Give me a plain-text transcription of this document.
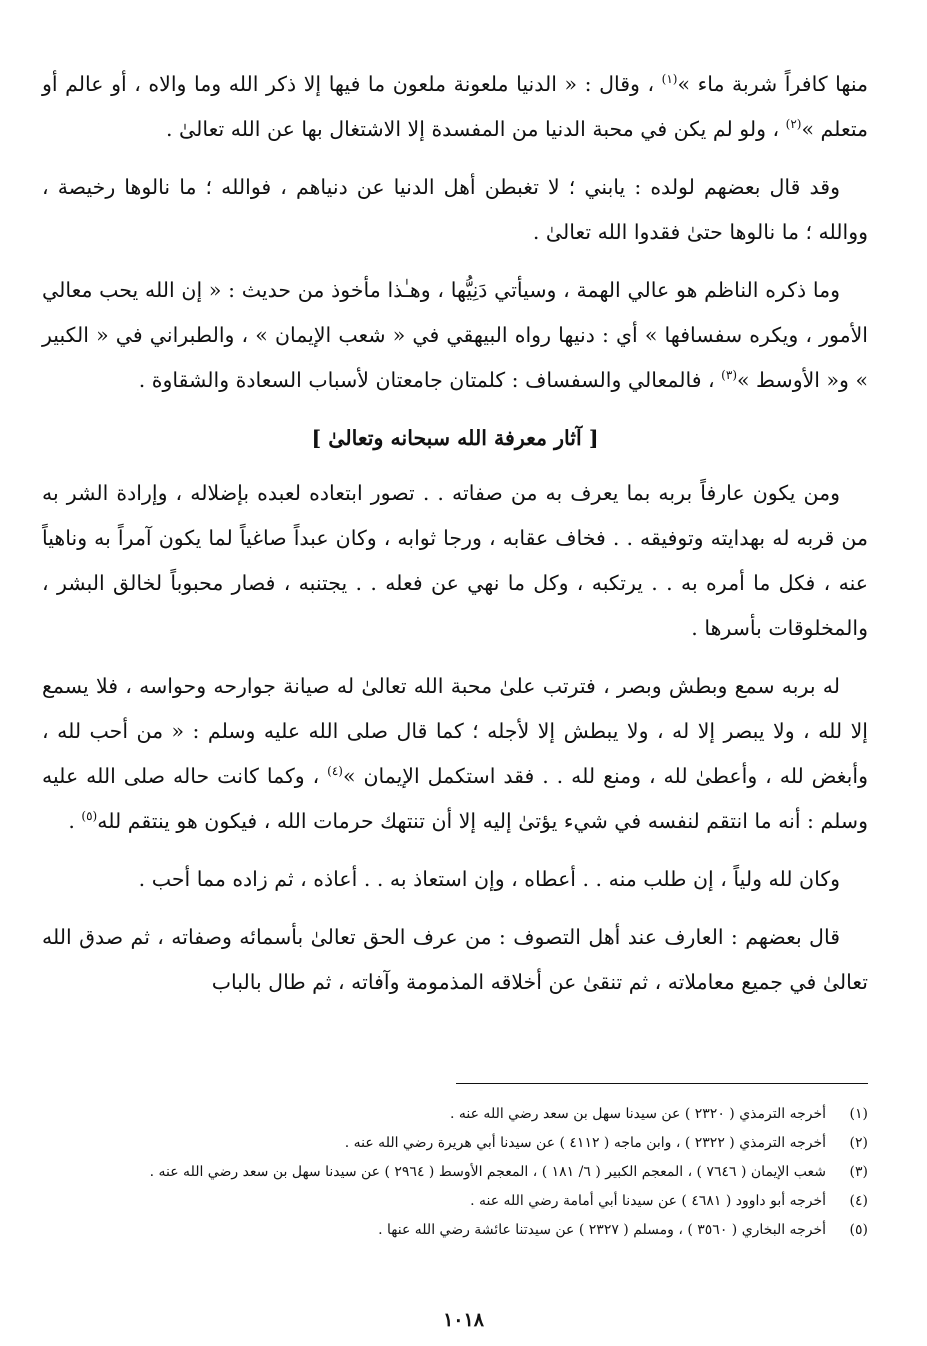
منها كافراً شربة ماء »$^{(١)}$ ، وقال : « الدنيا ملعونة ملعون ما فيها إلا ذكر الله وما والاه ، أو عالم أو متعلم »$^{(٢)}$ ، ولو لم يكن في محبة الدنيا من المفسدة إلا الاشتغال بها عن الله تعالىٰ .

وقد قال بعضهم لولده : يابني ؛ لا تغبطن أهل الدنيا عن دنياهم ، فوالله ؛ ما نالوها رخيصة ، ووالله ؛ ما نالوها حتىٰ فقدوا الله تعالىٰ .

وما ذكره الناظم هو عالي الهمة ، وسيأتي دَنِيُّها ، وهـٰذا مأخوذ من حديث : « إن الله يحب معالي الأمور ، ويكره سفسافها » أي : دنيها رواه البيهقي في « شعب الإيمان » ، والطبراني في « الكبير » و« الأوسط »$^{(٣)}$ ، فالمعالي والسفساف : كلمتان جامعتان لأسباب السعادة والشقاوة .

[ آثار معرفة الله سبحانه وتعالىٰ ]

ومن يكون عارفاً بربه بما يعرف به من صفاته . . تصور ابتعاده لعبده بإضلاله ، وإرادة الشر به من قربه له بهدايته وتوفيقه . . فخاف عقابه ، ورجا ثوابه ، وكان عبداً صاغياً لما يكون آمراً به وناهياً عنه ، فكل ما أمره به . . يرتكبه ، وكل ما نهي عن فعله . . يجتنبه ، فصار محبوباً لخالق البشر ، والمخلوقات بأسرها .

له بربه سمع وبطش وبصر ، فترتب علىٰ محبة الله تعالىٰ له صيانة جوارحه وحواسه ، فلا يسمع إلا لله ، ولا يبصر إلا له ، ولا يبطش إلا لأجله ؛ كما قال صلى الله عليه وسلم : « من أحب لله ، وأبغض لله ، وأعطىٰ لله ، ومنع لله . . فقد استكمل الإيمان »$^{(٤)}$ ، وكما كانت حاله صلى الله عليه وسلم : أنه ما انتقم لنفسه في شيء يؤتىٰ إليه إلا أن تنتهك حرمات الله ، فيكون هو ينتقم لله$^{(٥)}$ .

وكان لله ولياً ، إن طلب منه . . أعطاه ، وإن استعاذ به . . أعاذه ، ثم زاده مما أحب .

قال بعضهم : العارف عند أهل التصوف : من عرف الحق تعالىٰ بأسمائه وصفاته ، ثم صدق الله تعالىٰ في جميع معاملاته ، ثم تنقىٰ عن أخلاقه المذمومة وآفاته ، ثم طال بالباب

(١)
أخرجه الترمذي ( ٢٣٢٠ ) عن سيدنا سهل بن سعد رضي الله عنه .
(٢)
أخرجه الترمذي ( ٢٣٢٢ ) ، وابن ماجه ( ٤١١٢ ) عن سيدنا أبي هريرة رضي الله عنه .
(٣)
شعب الإيمان ( ٧٦٤٦ ) ، المعجم الكبير ( ٦/ ١٨١ ) ، المعجم الأوسط ( ٢٩٦٤ ) عن سيدنا سهل بن سعد رضي الله عنه .
(٤)
أخرجه أبو داوود ( ٤٦٨١ ) عن سيدنا أبي أمامة رضي الله عنه .
(٥)
أخرجه البخاري ( ٣٥٦٠ ) ، ومسلم ( ٢٣٢٧ ) عن سيدتنا عائشة رضي الله عنها .
١٠١٨
